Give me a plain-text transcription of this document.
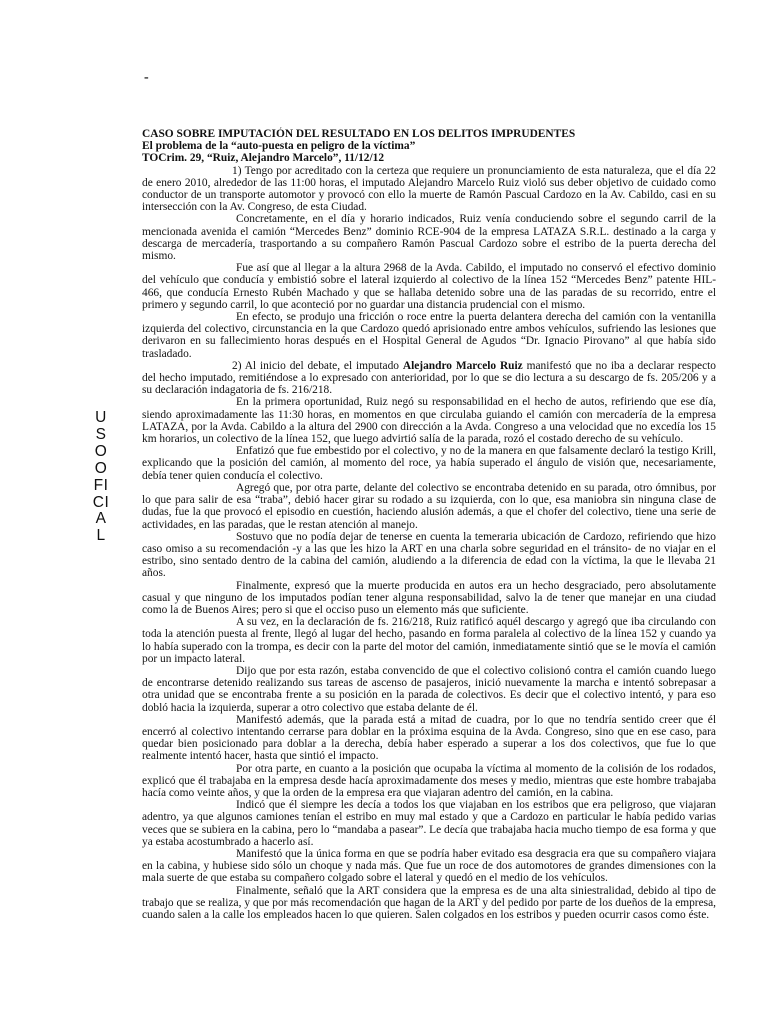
-
U
S
O
O
FI
CI
A
L
CASO SOBRE IMPUTACIÓN DEL RESULTADO EN LOS DELITOS IMPRUDENTES
El problema de la “auto-puesta en peligro de la víctima”
TOCrim. 29, “Ruiz, Alejandro Marcelo”, 11/12/12

1) Tengo por acreditado con la certeza que requiere un pronunciamiento de esta naturaleza, que el día 22 de enero 2010, alrededor de las 11:00 horas, el imputado Alejandro Marcelo Ruiz violó sus deber objetivo de cuidado como conductor de un transporte automotor y provocó con ello la muerte de Ramón Pascual Cardozo en la Av. Cabildo, casi en su intersección con la Av. Congreso, de esta Ciudad.

Concretamente, en el día y horario indicados, Ruiz venía conduciendo sobre el segundo carril de la mencionada avenida el camión “Mercedes Benz” dominio RCE-904 de la empresa LATAZA S.R.L. destinado a la carga y descarga de mercadería, trasportando a su compañero Ramón Pascual Cardozo sobre el estribo de la puerta derecha del mismo.

Fue así que al llegar a la altura 2968 de la Avda. Cabildo, el imputado no conservó el efectivo dominio del vehículo que conducía y embistió sobre el lateral izquierdo al colectivo de la línea 152 “Mercedes Benz” patente HIL-466, que conducía Ernesto Rubén Machado y que se hallaba detenido sobre una de las paradas de su recorrido, entre el primero y segundo carril, lo que aconteció por no guardar una distancia prudencial con el mismo.

En efecto, se produjo una fricción o roce entre la puerta delantera derecha del camión con la ventanilla izquierda del colectivo, circunstancia en la que Cardozo quedó aprisionado entre ambos vehículos, sufriendo las lesiones que derivaron en su fallecimiento horas después en el Hospital General de Agudos “Dr. Ignacio Pirovano” al que había sido trasladado.

2) Al inicio del debate, el imputado Alejandro Marcelo Ruiz manifestó que no iba a declarar respecto del hecho imputado, remitiéndose a lo expresado con anterioridad, por lo que se dio lectura a su descargo de fs. 205/206 y a su declaración indagatoria de fs. 216/218.

En la primera oportunidad, Ruiz negó su responsabilidad en el hecho de autos, refiriendo que ese día, siendo aproximadamente las 11:30 horas, en momentos en que circulaba guiando el camión con mercadería de la empresa LATAZA, por la Avda. Cabildo a la altura del 2900 con dirección a la Avda. Congreso a una velocidad que no excedía los 15 km horarios, un colectivo de la línea 152, que luego advirtió salía de la parada, rozó el costado derecho de su vehículo.

Enfatizó que fue embestido por el colectivo, y no de la manera en que falsamente declaró la testigo Krill, explicando que la posición del camión, al momento del roce, ya había superado el ángulo de visión que, necesariamente, debía tener quien conducía el colectivo.

Agregó que, por otra parte, delante del colectivo se encontraba detenido en su parada, otro ómnibus, por lo que para salir de esa “traba”, debió hacer girar su rodado a su izquierda, con lo que, esa maniobra sin ninguna clase de dudas, fue la que provocó el episodio en cuestión, haciendo alusión además, a que el chofer del colectivo, tiene una serie de actividades, en las paradas, que le restan atención al manejo.

Sostuvo que no podía dejar de tenerse en cuenta la temeraria ubicación de Cardozo, refiriendo que hizo caso omiso a su recomendación -y a las que les hizo la ART en una charla sobre seguridad en el tránsito- de no viajar en el estribo, sino sentado dentro de la cabina del camión, aludiendo a la diferencia de edad con la víctima, la que le llevaba 21 años.

Finalmente, expresó que la muerte producida en autos era un hecho desgraciado, pero absolutamente casual y que ninguno de los imputados podían tener alguna responsabilidad, salvo la de tener que manejar en una ciudad como la de Buenos Aires; pero si que el occiso puso un elemento más que suficiente.

A su vez, en la declaración de fs. 216/218, Ruiz ratificó aquél descargo y agregó que iba circulando con toda la atención puesta al frente, llegó al lugar del hecho, pasando en forma paralela al colectivo de la línea 152 y cuando ya lo había superado con la trompa, es decir con la parte del motor del camión, inmediatamente sintió que se le movía el camión por un impacto lateral.

Dijo que por esta razón, estaba convencido de que el colectivo colisionó contra el camión cuando luego de encontrarse detenido realizando sus tareas de ascenso de pasajeros, inició nuevamente la marcha e intentó sobrepasar a otra unidad que se encontraba frente a su posición en la parada de colectivos. Es decir que el colectivo intentó, y para eso dobló hacia la izquierda, superar a otro colectivo que estaba delante de él.

Manifestó además, que la parada está a mitad de cuadra, por lo que no tendría sentido creer que él encerró al colectivo intentando cerrarse para doblar en la próxima esquina de la Avda. Congreso, sino que en ese caso, para quedar bien posicionado para doblar a la derecha, debía haber esperado a superar a los dos colectivos, que fue lo que realmente intentó hacer, hasta que sintió el impacto.

Por otra parte, en cuanto a la posición que ocupaba la víctima al momento de la colisión de los rodados, explicó que él trabajaba en la empresa desde hacía aproximadamente dos meses y medio, mientras que este hombre trabajaba hacía como veinte años, y que la orden de la empresa era que viajaran adentro del camión, en la cabina.

Indicó que él siempre les decía a todos los que viajaban en los estribos que era peligroso, que viajaran adentro, ya que algunos camiones tenían el estribo en muy mal estado y que a Cardozo en particular le había pedido varias veces que se subiera en la cabina, pero lo “mandaba a pasear”. Le decía que trabajaba hacia mucho tiempo de esa forma y que ya estaba acostumbrado a hacerlo así.

Manifestó que la única forma en que se podría haber evitado esa desgracia era que su compañero viajara en la cabina, y hubiese sido sólo un choque y nada más. Que fue un roce de dos automotores de grandes dimensiones con la mala suerte de que estaba su compañero colgado sobre el lateral y quedó en el medio de los vehículos.

Finalmente, señaló que la ART considera que la empresa es de una alta siniestralidad, debido al tipo de trabajo que se realiza, y que por más recomendación que hagan de la ART y del pedido por parte de los dueños de la empresa, cuando salen a la calle los empleados hacen lo que quieren. Salen colgados en los estribos y pueden ocurrir casos como éste.
